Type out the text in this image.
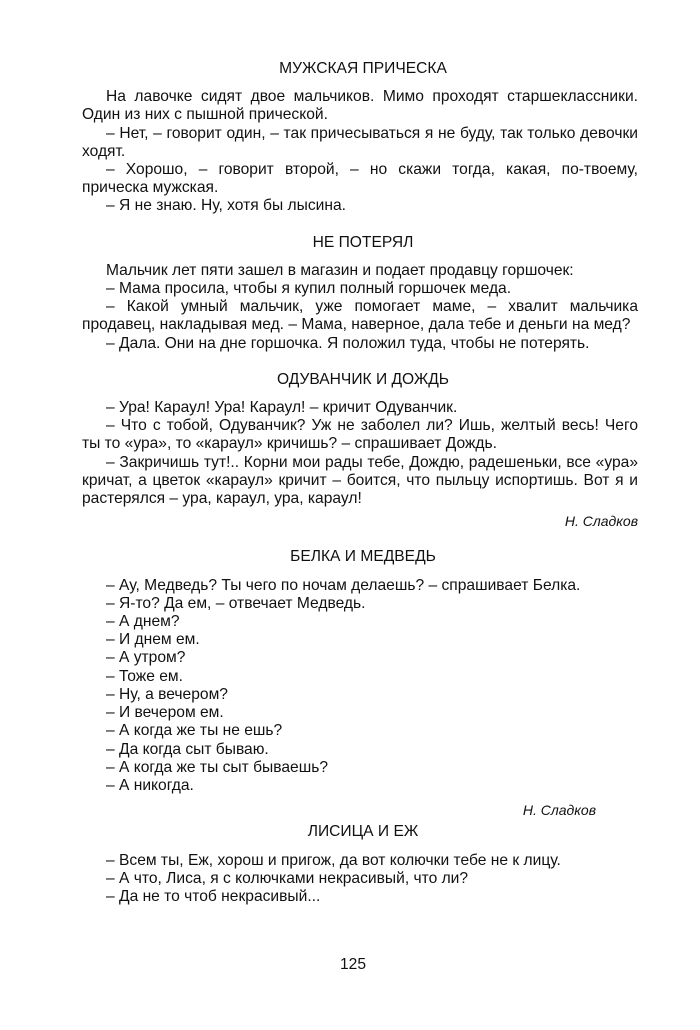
МУЖСКАЯ ПРИЧЕСКА

На лавочке сидят двое мальчиков. Мимо проходят старшеклассники. Один из них с пышной прической.

– Нет, – говорит один, – так причесываться я не буду, так только девочки ходят.

– Хорошо, – говорит второй, – но скажи тогда, какая, по-твоему, прическа мужская.

– Я не знаю. Ну, хотя бы лысина.

НЕ ПОТЕРЯЛ

Мальчик лет пяти зашел в магазин и подает продавцу горшочек:

– Мама просила, чтобы я купил полный горшочек меда.

– Какой умный мальчик, уже помогает маме, – хвалит мальчика продавец, накладывая мед. – Мама, наверное, дала тебе и деньги на мед?

– Дала. Они на дне горшочка. Я положил туда, чтобы не потерять.

ОДУВАНЧИК И ДОЖДЬ

– Ура! Караул! Ура! Караул! – кричит Одуванчик.

– Что с тобой, Одуванчик? Уж не заболел ли? Ишь, желтый весь! Чего ты то «ура», то «караул» кричишь? – спрашивает Дождь.

– Закричишь тут!.. Корни мои рады тебе, Дождю, радешеньки, все «ура» кричат, а цветок «караул» кричит – боится, что пыльцу испортишь. Вот я и растерялся – ура, караул, ура, караул!

Н. Сладков

БЕЛКА И МЕДВЕДЬ

– Ау, Медведь? Ты чего по ночам делаешь? – спрашивает Белка.

– Я-то? Да ем, – отвечает Медведь.

– А днем?

– И днем ем.

– А утром?

– Тоже ем.

– Ну, а вечером?

– И вечером ем.

– А когда же ты не ешь?

– Да когда сыт бываю.

– А когда же ты сыт бываешь?

– А никогда.

Н. Сладков

ЛИСИЦА И ЕЖ

– Всем ты, Еж, хорош и пригож, да вот колючки тебе не к лицу.

– А что, Лиса, я с колючками некрасивый, что ли?

– Да не то чтоб некрасивый...

125
